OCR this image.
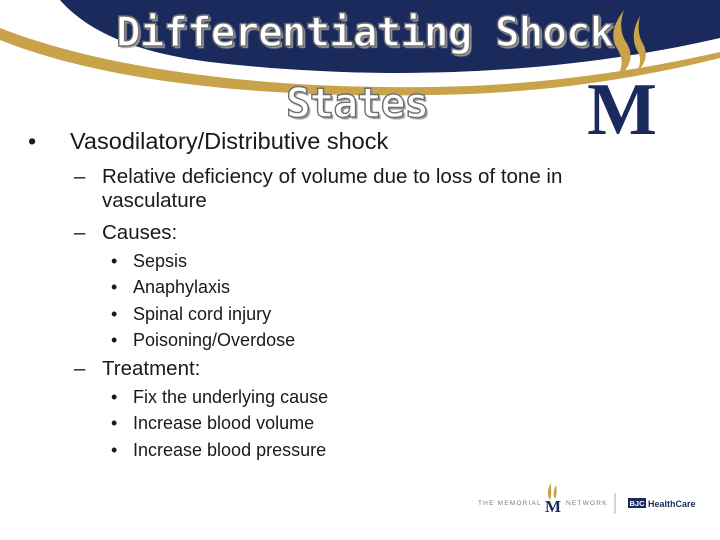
Differentiating Shock
States M
• Vasodilatory/Distributive shock
– Relative deficiency of volume due to loss of tone in
vasculature
– Causes:
• Sepsis
• Anaphylaxis
• Spinal cord injury
• Poisoning/Overdose
– Treatment:
• Fix the underlying cause
• Increase blood volume
• Increase blood pressure
THE MEMORIAL M NETWORK	BJC HealthCare
